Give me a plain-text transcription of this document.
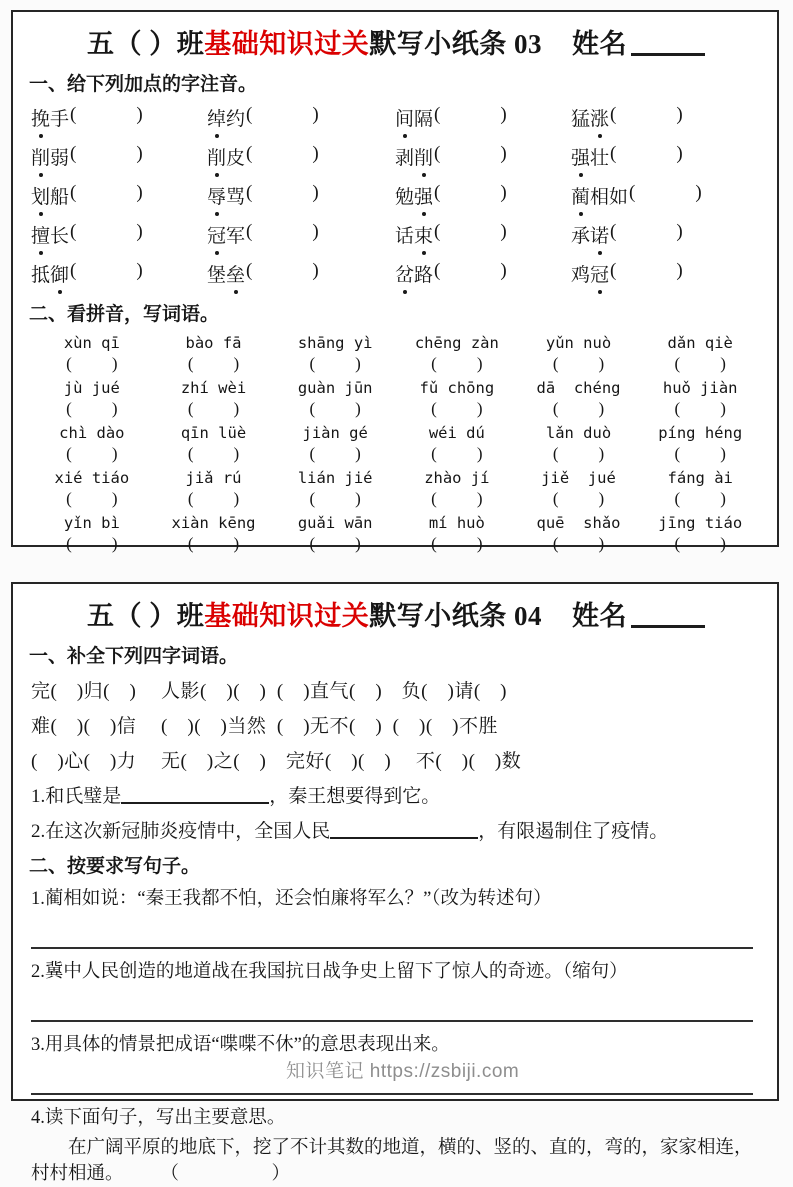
五（ ）班基础知识过关默写小纸条 03 姓名
一、给下列加点的字注音。
挽手 (	)	绰约 (	)	间隔 (	)	猛涨 (	)
削弱 (	)	削皮 (	)	剥削 (	)	强壮 (	)
划船 (	)	辱骂 (	)	勉强 (	)	蔺相如 (	)
擅长 (	)	冠军 (	)	话束 (	)	承诺 (	)
抵御 (	)	堡垒 (	)	岔路 (	)	鸡冠 (	)
二、看拼音，写词语。
xùn qī	bào fā	shāng yì	chēng zàn	yǔn nuò	dǎn qiè
( )	( )	( )	( )	( )	( )
jù jué	zhí wèi	guàn jūn	fǔ chōng	dā  chéng	huǒ jiàn
( )	( )	( )	( )	( )	( )
chì dào	qīn lüè	jiàn gé	wéi dú	lǎn duò	píng héng
( )	( )	( )	( )	( )	( )
xié tiáo	jiǎ rú	lián jié	zhào jí	jiě  jué	fáng ài
( )	( )	( )	( )	( )	( )
yǐn bì	xiàn kēng	guǎi wān	mí huò	quē  shǎo	jīng tiáo
( )	( )	( )	( )	( )	( )
五（ ）班基础知识过关默写小纸条 04 姓名
一、补全下列四字词语。
完(　)归(　)　 人影(　)(　)  (　)直气(　)　负(　)请(　)
难(　)(　)信　 (　)(　)当然  (　)无不(　)  (　)(　)不胜
(　)心(　)力　 无(　)之(　)　完好(　)(　)　 不(　)(　)数
1.和氏璧是	，秦王想要得到它。
2.在这次新冠肺炎疫情中，全国人民	，有限遏制住了疫情。
二、按要求写句子。
1.蔺相如说：“秦王我都不怕，还会怕廉将军么？”（改为转述句）
2.冀中人民创造的地道战在我国抗日战争史上留下了惊人的奇迹。（缩句）
3.用具体的情景把成语“喋喋不休”的意思表现出来。
4.读下面句子，写出主要意思。
　　在广阔平原的地底下，挖了不计其数的地道，横的、竖的、直的，弯的，家家相连，村村相通。　　　（　　　　　）
知识笔记 https://zsbiji.com
